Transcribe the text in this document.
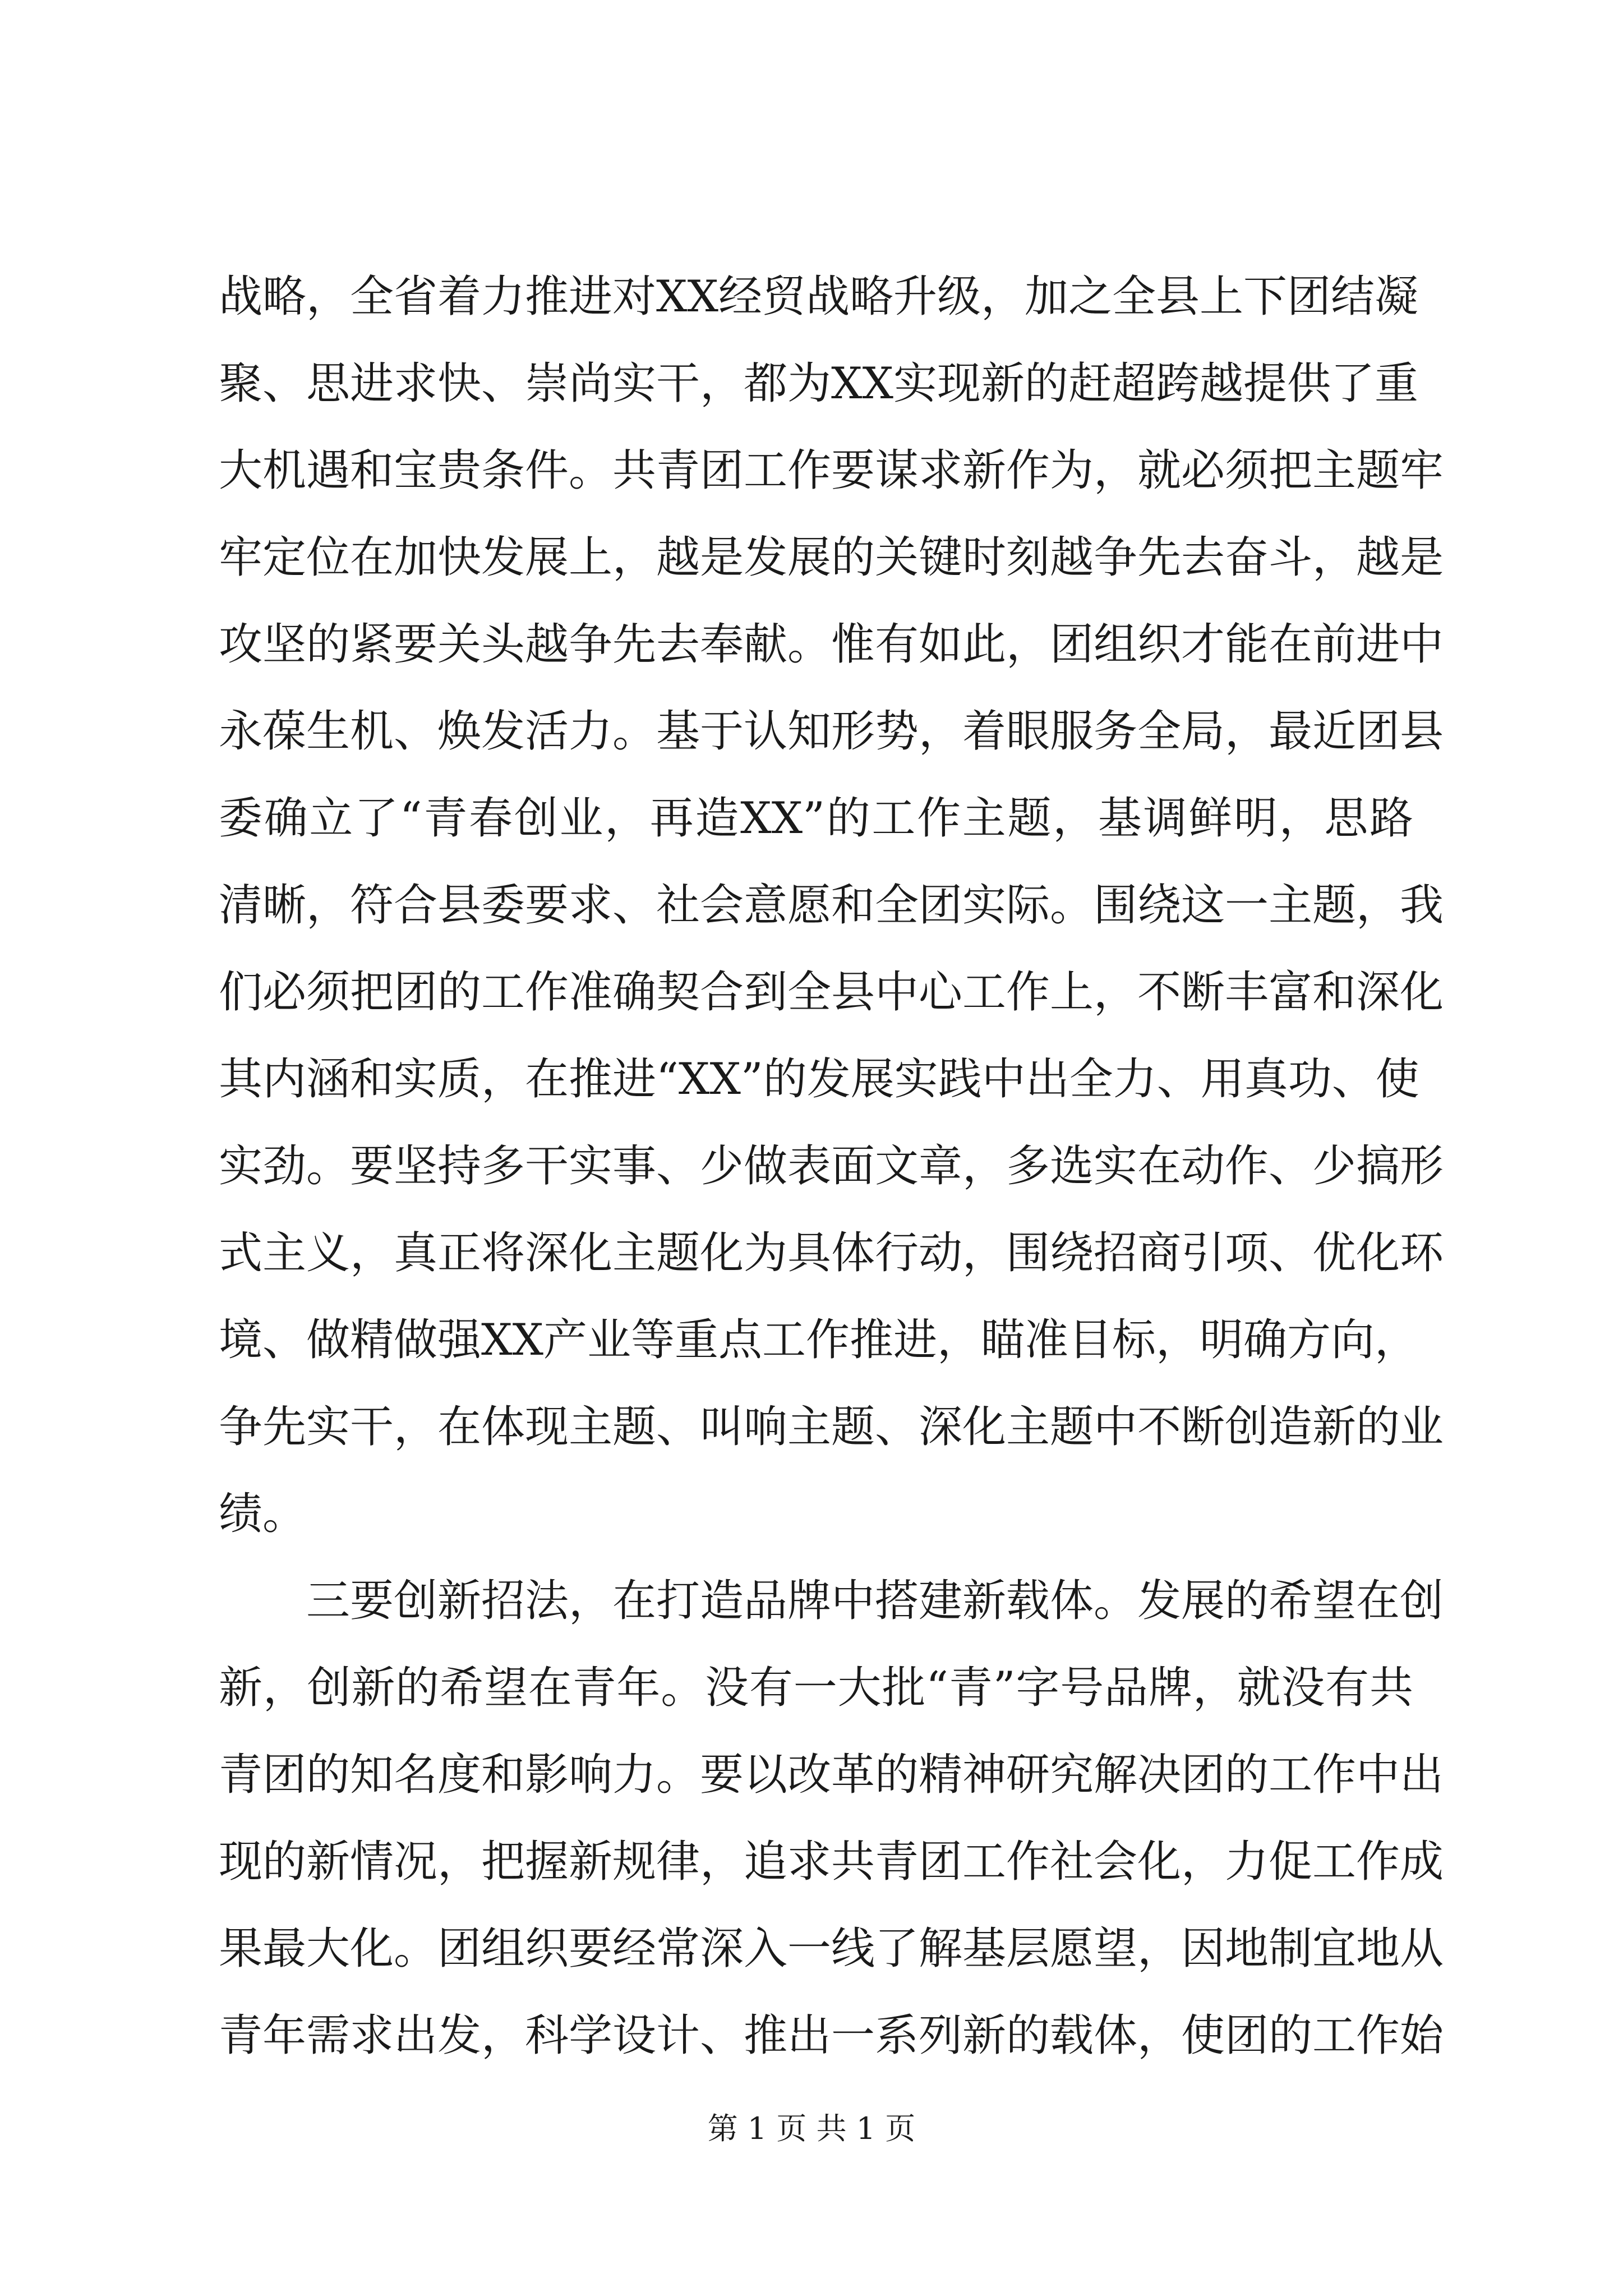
战略，全省着力推进对XX经贸战略升级，加之全县上下团结凝
聚、思进求快、崇尚实干，都为XX实现新的赶超跨越提供了重
大机遇和宝贵条件。共青团工作要谋求新作为，就必须把主题牢
牢定位在加快发展上，越是发展的关键时刻越争先去奋斗，越是
攻坚的紧要关头越争先去奉献。惟有如此，团组织才能在前进中
永葆生机、焕发活力。基于认知形势，着眼服务全局，最近团县
委确立了“青春创业，再造XX”的工作主题，基调鲜明，思路
清晰，符合县委要求、社会意愿和全团实际。围绕这一主题，我
们必须把团的工作准确契合到全县中心工作上，不断丰富和深化
其内涵和实质，在推进“XX”的发展实践中出全力、用真功、使
实劲。要坚持多干实事、少做表面文章，多选实在动作、少搞形
式主义，真正将深化主题化为具体行动，围绕招商引项、优化环
境、做精做强XX产业等重点工作推进，瞄准目标，明确方向，
争先实干，在体现主题、叫响主题、深化主题中不断创造新的业
绩。
三要创新招法，在打造品牌中搭建新载体。发展的希望在创
新，创新的希望在青年。没有一大批“青”字号品牌，就没有共
青团的知名度和影响力。要以改革的精神研究解决团的工作中出
现的新情况，把握新规律，追求共青团工作社会化，力促工作成
果最大化。团组织要经常深入一线了解基层愿望，因地制宜地从
青年需求出发，科学设计、推出一系列新的载体，使团的工作始
第 1 页 共 1 页
